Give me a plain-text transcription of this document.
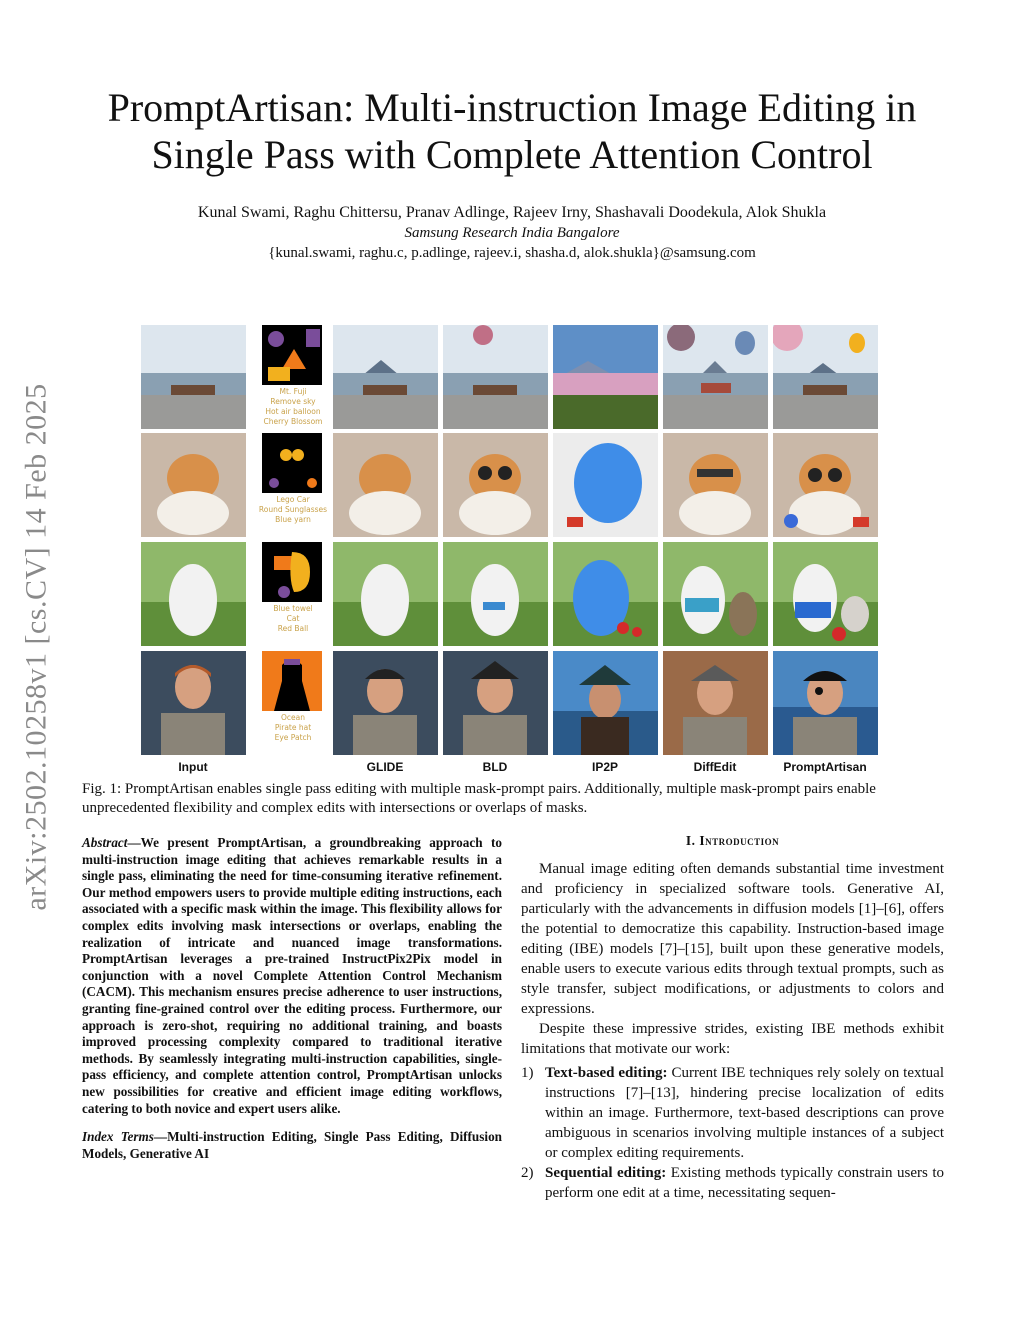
arXiv:2502.10258v1 [cs.CV] 14 Feb 2025
PromptArtisan: Multi-instruction Image Editing in Single Pass with Complete Attention Control
Kunal Swami, Raghu Chittersu, Pranav Adlinge, Rajeev Irny, Shashavali Doodekula, Alok Shukla
Samsung Research India Bangalore
{kunal.swami, raghu.c, p.adlinge, rajeev.i, shasha.d, alok.shukla}@samsung.com
Mt. Fuji
Remove sky
Hot air balloon
Cherry Blossom
Lego Car
Round Sunglasses
Blue yarn
Blue towel
Cat
Red Ball
Ocean
Pirate hat
Eye Patch
Input	GLIDE	BLD	IP2P	DiffEdit	PromptArtisan
Fig. 1: PromptArtisan enables single pass editing with multiple mask-prompt pairs. Additionally, multiple mask-prompt pairs enable unprecedented flexibility and complex edits with intersections or overlaps of masks.

Abstract—We present PromptArtisan, a groundbreaking approach to multi-instruction image editing that achieves remarkable results in a single pass, eliminating the need for time-consuming iterative refinement. Our method empowers users to provide multiple editing instructions, each associated with a specific mask within the image. This flexibility allows for complex edits involving mask intersections or overlaps, enabling the realization of intricate and nuanced image transformations. PromptArtisan leverages a pre-trained InstructPix2Pix model in conjunction with a novel Complete Attention Control Mechanism (CACM). This mechanism ensures precise adherence to user instructions, granting fine-grained control over the editing process. Furthermore, our approach is zero-shot, requiring no additional training, and boasts improved processing complexity compared to traditional iterative methods. By seamlessly integrating multi-instruction capabilities, single-pass efficiency, and complete attention control, PromptArtisan unlocks new possibilities for creative and efficient image editing workflows, catering to both novice and expert users alike.

Index Terms—Multi-instruction Editing, Single Pass Editing, Diffusion Models, Generative AI

I. Introduction

Manual image editing often demands substantial time investment and proficiency in specialized software tools. Generative AI, particularly with the advancements in diffusion models [1]–[6], offers the potential to democratize this capability. Instruction-based image editing (IBE) models [7]–[15], built upon these generative models, enable users to execute various edits through textual prompts, such as style transfer, subject modifications, or adjustments to colors and expressions.

Despite these impressive strides, existing IBE methods exhibit limitations that motivate our work:

1) Text-based editing: Current IBE techniques rely solely on textual instructions [7]–[13], hindering precise localization of edits within an image. Furthermore, text-based descriptions can prove ambiguous in scenarios involving multiple instances of a subject or complex editing requirements.
2) Sequential editing: Existing methods typically constrain users to perform one edit at a time, necessitating sequen-
